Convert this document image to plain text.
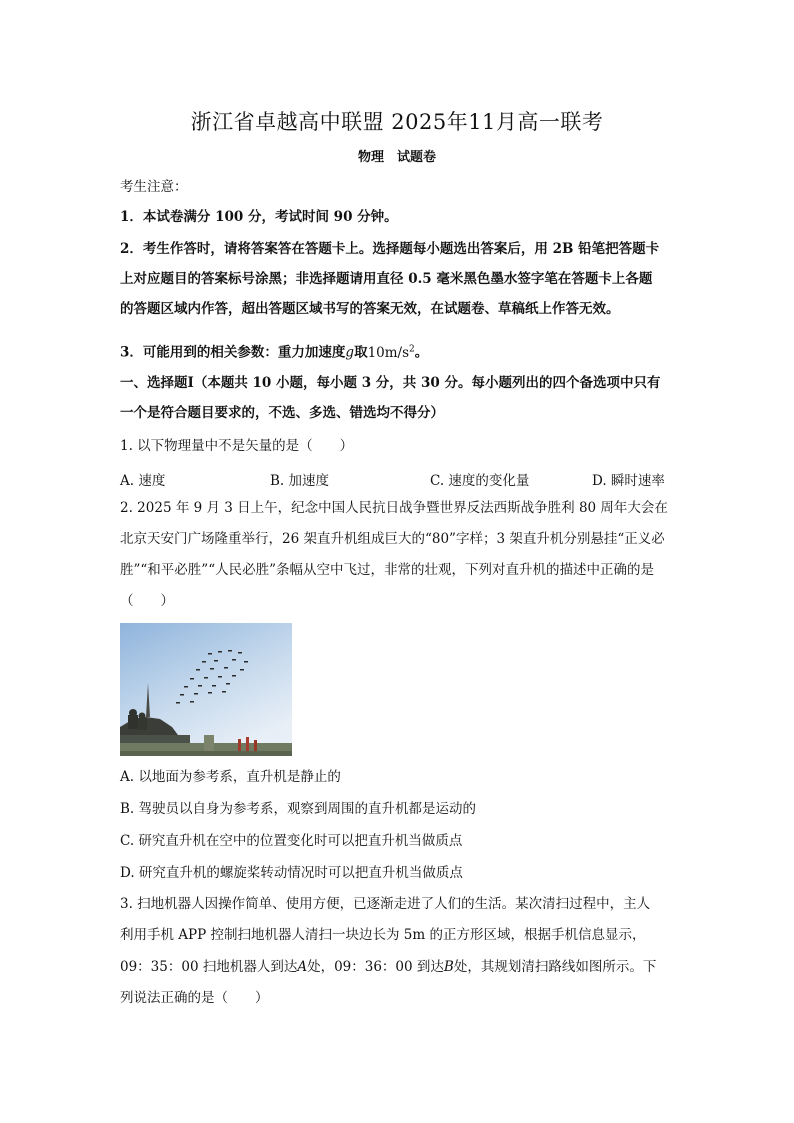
浙江省卓越高中联盟 2025年11月高一联考
物理　试题卷
考生注意：
1．本试卷满分 100 分，考试时间 90 分钟。
2．考生作答时，请将答案答在答题卡上。选择题每小题选出答案后，用 2B 铅笔把答题卡
上对应题目的答案标号涂黑；非选择题请用直径 0.5 毫米黑色墨水签字笔在答题卡上各题
的答题区域内作答，超出答题区域书写的答案无效，在试题卷、草稿纸上作答无效。
3．可能用到的相关参数：重力加速度g取$10m/s^2$。
一、选择题Ⅰ（本题共 10 小题，每小题 3 分，共 30 分。每小题列出的四个备选项中只有
一个是符合题目要求的，不选、多选、错选均不得分）
1. 以下物理量中不是矢量的是（　　）
A. 速度	B. 加速度	C. 速度的变化量	D. 瞬时速率
2. 2025 年 9 月 3 日上午，纪念中国人民抗日战争暨世界反法西斯战争胜利 80 周年大会在
北京天安门广场隆重举行，26 架直升机组成巨大的“80”字样；3 架直升机分别悬挂“正义必
胜”“和平必胜”“人民必胜”条幅从空中飞过，非常的壮观，下列对直升机的描述中正确的是
（　　）
A. 以地面为参考系，直升机是静止的
B. 驾驶员以自身为参考系，观察到周围的直升机都是运动的
C. 研究直升机在空中的位置变化时可以把直升机当做质点
D. 研究直升机的螺旋桨转动情况时可以把直升机当做质点
3. 扫地机器人因操作简单、使用方便，已逐渐走进了人们的生活。某次清扫过程中，主人
利用手机 APP 控制扫地机器人清扫一块边长为 5m 的正方形区域，根据手机信息显示，
09：35：00 扫地机器人到达A处，09：36：00 到达B处，其规划清扫路线如图所示。下
列说法正确的是（　　）
